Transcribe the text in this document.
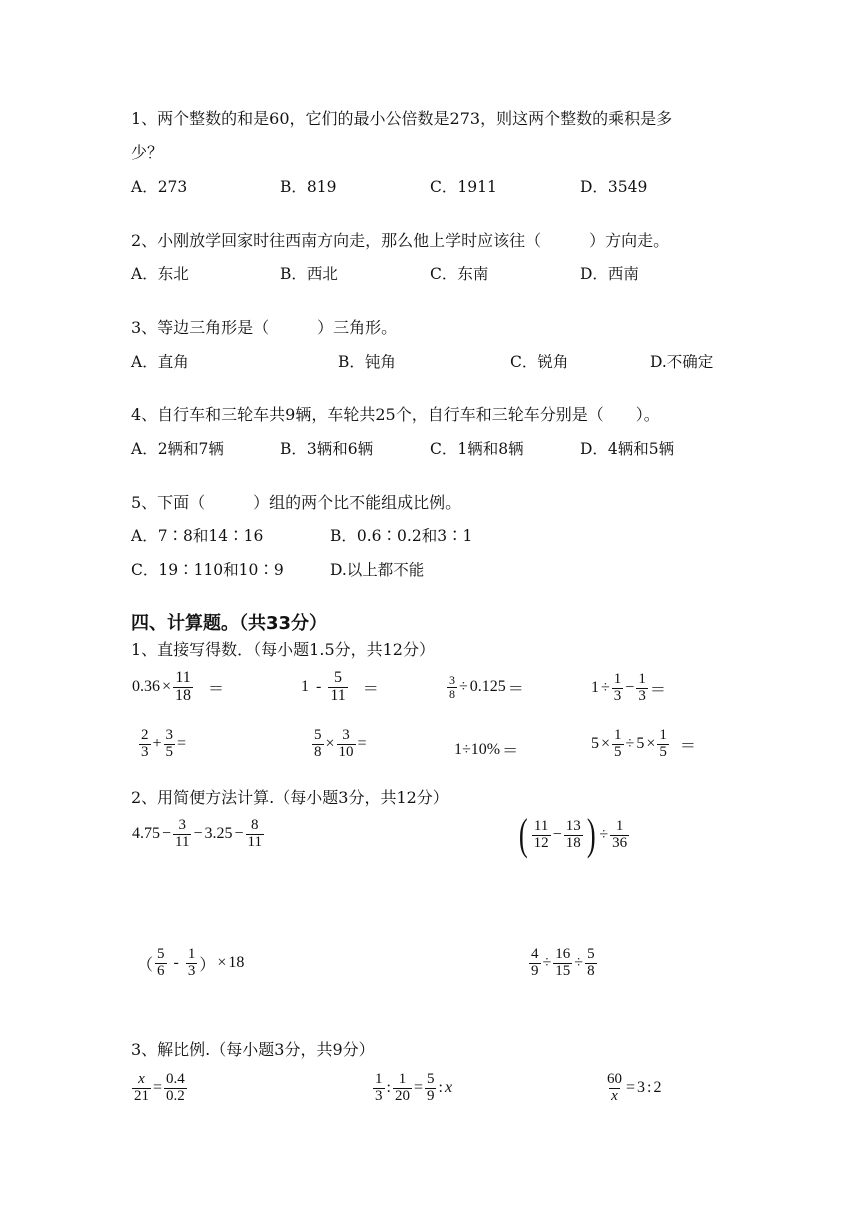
1、两个整数的和是60，它们的最小公倍数是273，则这两个整数的乘积是多
少？
A．273	B．819	C．1911	D．3549
2、小刚放学回家时往西南方向走，那么他上学时应该往（　　　）方向走。
A．东北	B．西北	C．东南	D．西南
3、等边三角形是（　　　）三角形。
A．直角	B．钝角	C．锐角	D.不确定
4、自行车和三轮车共9辆，车轮共25个，自行车和三轮车分别是（　　）。
A．2辆和7辆	B．3辆和6辆	C．1辆和8辆	D．4辆和5辆
5、下面（　　　）组的两个比不能组成比例。
A．7∶8和14∶16	B．0.6∶0.2和3∶1
C．19∶110和10∶9	D.以上都不能
四、计算题。（共33分）
1、直接写得数．（每小题1.5分，共12分）
$0.36 \times \frac{11}{18}$ ＝	$1 - \frac{5}{11}$ ＝	$\frac{3}{8} \div 0.125$ ＝	$1 \div \frac{1}{3} - \frac{1}{3}$ ＝
$\frac{2}{3} + \frac{3}{5}$ =	$\frac{5}{8} \times \frac{3}{10}$ =	1÷10% ＝	$5 \times \frac{1}{5} \div 5 \times \frac{1}{5}$ ＝
2、用简便方法计算.（每小题3分，共12分）
$4.75 - \frac{3}{11} - 3.25 - \frac{8}{11}$	( $\frac{11}{12} - \frac{13}{18}$ ) ÷ $\frac{1}{36}$
（ $\frac{5}{6} - \frac{1}{3}$ ） × 18	$\frac{4}{9} \div \frac{16}{15} \div \frac{5}{8}$
3、解比例.（每小题3分，共9分）
$\frac{x}{21} = \frac{0.4}{0.2}$	$\frac{1}{3}$ : $\frac{1}{20} = \frac{5}{9}$ : x	$\frac{60}{x} = 3$ : 2
